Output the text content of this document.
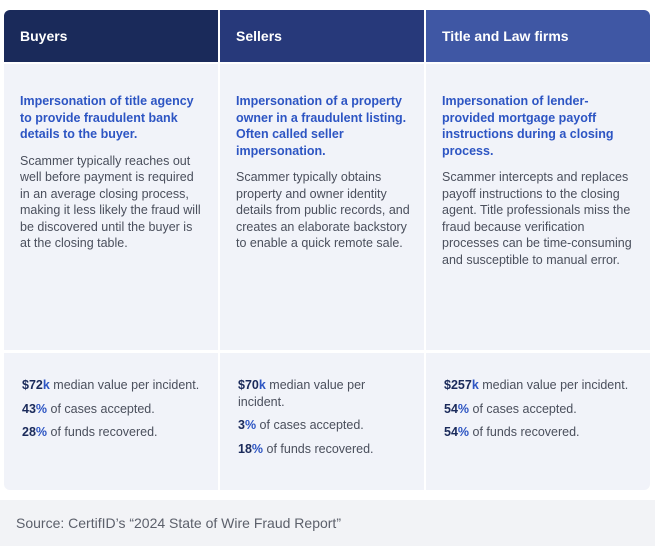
Buyers

Impersonation of title agency to provide fraudulent bank details to the buyer.

Scammer typically reaches out well before payment is required in an average closing process, making it less likely the fraud will be discovered until the buyer is at the closing table.

$72k median value per incident.

43% of cases accepted.

28% of funds recovered.

Sellers

Impersonation of a property owner in a fraudulent listing. Often called seller impersonation.

Scammer typically obtains property and owner identity details from public records, and creates an elaborate backstory to enable a quick remote sale.

$70k median value per incident.

3% of cases accepted.

18% of funds recovered.

Title and Law firms

Impersonation of lender-provided mortgage payoff instructions during a closing process.

Scammer intercepts and replaces payoff instructions to the closing agent. Title professionals miss the fraud because verification processes can be time-consuming and susceptible to manual error.

$257k median value per incident.

54% of cases accepted.

54% of funds recovered.

Source: CertifID’s “2024 State of Wire Fraud Report”
